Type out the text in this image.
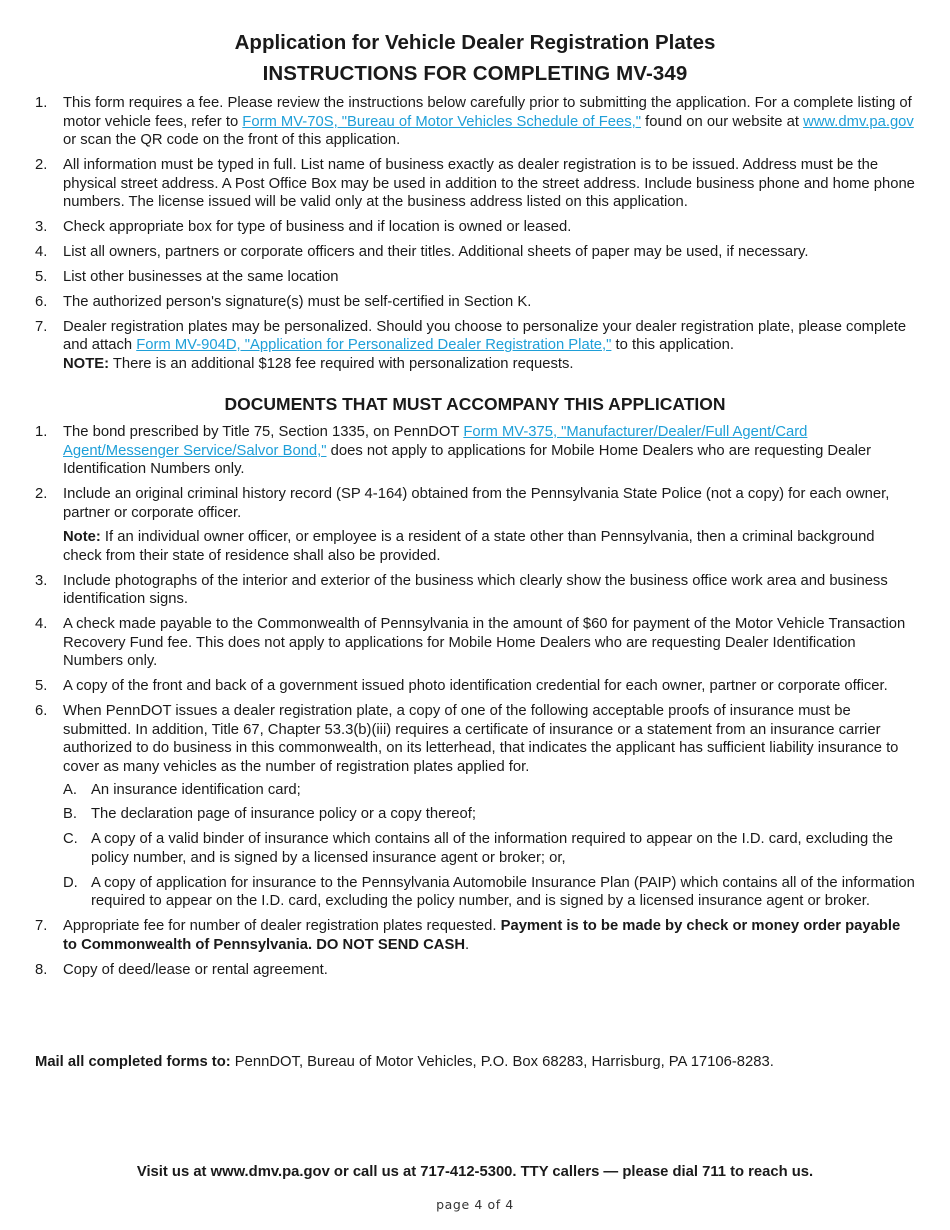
Application for Vehicle Dealer Registration Plates
INSTRUCTIONS FOR COMPLETING MV-349
1.	This form requires a fee. Please review the instructions below carefully prior to submitting the application. For a complete listing of motor vehicle fees, refer to Form MV-70S, "Bureau of Motor Vehicles Schedule of Fees," found on our website at www.dmv.pa.gov or scan the QR code on the front of this application.
2.	All information must be typed in full. List name of business exactly as dealer registration is to be issued. Address must be the physical street address. A Post Office Box may be used in addition to the street address. Include business phone and home phone numbers. The license issued will be valid only at the business address listed on this application.
3.	Check appropriate box for type of business and if location is owned or leased.
4.	List all owners, partners or corporate officers and their titles. Additional sheets of paper may be used, if necessary.
5.	List other businesses at the same location
6.	The authorized person's signature(s) must be self-certified in Section K.
7.	Dealer registration plates may be personalized. Should you choose to personalize your dealer registration plate, please complete and attach Form MV-904D, "Application for Personalized Dealer Registration Plate," to this application.
NOTE: There is an additional $128 fee required with personalization requests.
DOCUMENTS THAT MUST ACCOMPANY THIS APPLICATION
1.	The bond prescribed by Title 75, Section 1335, on PennDOT Form MV-375, "Manufacturer/Dealer/Full Agent/Card Agent/Messenger Service/Salvor Bond," does not apply to applications for Mobile Home Dealers who are requesting Dealer Identification Numbers only.
2.	Include an original criminal history record (SP 4-164) obtained from the Pennsylvania State Police (not a copy) for each owner, partner or corporate officer.
Note: If an individual owner officer, or employee is a resident of a state other than Pennsylvania, then a criminal background check from their state of residence shall also be provided.
3.	Include photographs of the interior and exterior of the business which clearly show the business office work area and business identification signs.
4.	A check made payable to the Commonwealth of Pennsylvania in the amount of $60 for payment of the Motor Vehicle Transaction Recovery Fund fee. This does not apply to applications for Mobile Home Dealers who are requesting Dealer Identification Numbers only.
5.	A copy of the front and back of a government issued photo identification credential for each owner, partner or corporate officer.
6.	When PennDOT issues a dealer registration plate, a copy of one of the following acceptable proofs of insurance must be submitted. In addition, Title 67, Chapter 53.3(b)(iii) requires a certificate of insurance or a statement from an insurance carrier authorized to do business in this commonwealth, on its letterhead, that indicates the applicant has sufficient liability insurance to cover as many vehicles as the number of registration plates applied for.
A. An insurance identification card;
B. The declaration page of insurance policy or a copy thereof;
C. A copy of a valid binder of insurance which contains all of the information required to appear on the I.D. card, excluding the policy number, and is signed by a licensed insurance agent or broker; or,
D. A copy of application for insurance to the Pennsylvania Automobile Insurance Plan (PAIP) which contains all of the information required to appear on the I.D. card, excluding the policy number, and is signed by a licensed insurance agent or broker.
7.	Appropriate fee for number of dealer registration plates requested. Payment is to be made by check or money order payable to Commonwealth of Pennsylvania. DO NOT SEND CASH.
8.	Copy of deed/lease or rental agreement.

Mail all completed forms to: PennDOT, Bureau of Motor Vehicles, P.O. Box 68283, Harrisburg, PA 17106-8283.

Visit us at www.dmv.pa.gov or call us at 717-412-5300. TTY callers — please dial 711 to reach us.
page 4 of 4
